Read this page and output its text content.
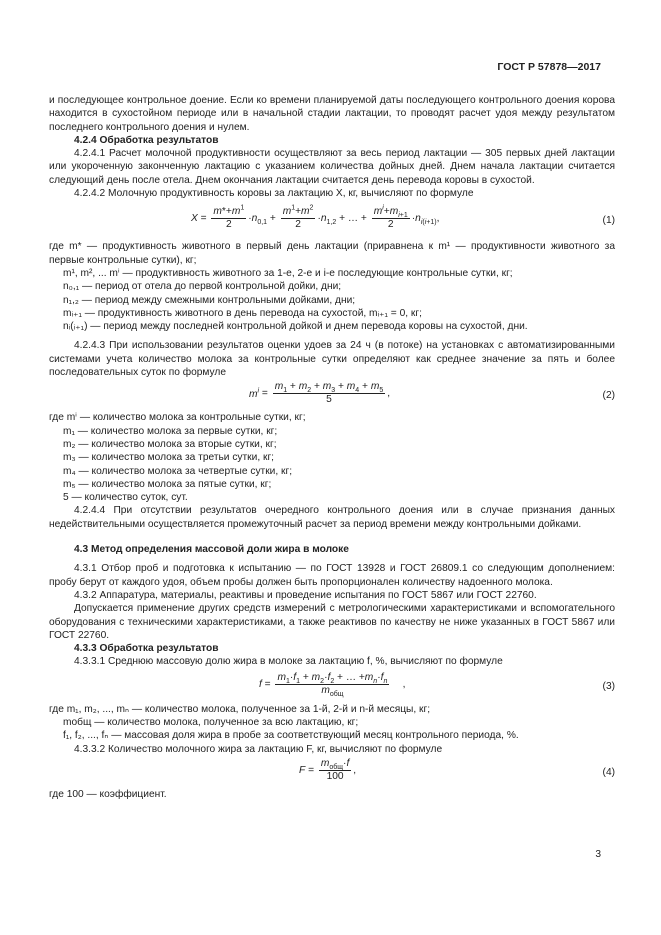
ГОСТ Р 57878—2017

и последующее контрольное доение. Если ко времени планируемой даты последующего контрольного доения корова находится в сухостойном периоде или в начальной стадии лактации, то проводят расчет удоя между результатом последнего контрольного доения и нулем.

4.2.4 Обработка результатов

4.2.4.1 Расчет молочной продуктивности осуществляют за весь период лактации — 305 первых дней лактации или укороченную законченную лактацию с указанием количества дойных дней. Днем начала лактации считается следующий день после отела. Днем окончания лактации считается день перевода коровы в сухостой.

4.2.4.2 Молочную продуктивность коровы за лактацию X, кг, вычисляют по формуле

$X = \frac{m*+m^1}{2} \cdot n_{0,1} + \frac{m^1+m^2}{2} \cdot n_{1,2}$ + … + $\frac{m^i+m_{i+1}}{2} \cdot n_{i(i+1)}$,	(1)

где m* — продуктивность животного в первый день лактации (приравнена к m¹ — продуктивности животного за первые контрольные сутки), кг;

m¹, m², ... mⁱ — продуктивность животного за 1-е, 2-е и i-е последующие контрольные сутки, кг;

n₀,₁ — период от отела до первой контрольной дойки, дни;

n₁,₂ — период между смежными контрольными дойками, дни;

mᵢ₊₁ — продуктивность животного в день перевода на сухостой, mᵢ₊₁ = 0, кг;

nᵢ(ᵢ₊₁) — период между последней контрольной дойкой и днем перевода коровы на сухостой, дни.

4.2.4.3 При использовании результатов оценки удоев за 24 ч (в потоке) на установках с автоматизированными системами учета количество молока за контрольные сутки определяют как среднее значение за пять и более последовательных суток по формуле

$m^i = \frac{m_1 + m_2 + m_3 + m_4 + m_5}{5}$ ,	(2)

где mⁱ — количество молока за контрольные сутки, кг;

m₁ — количество молока за первые сутки, кг;

m₂ — количество молока за вторые сутки, кг;

m₃ — количество молока за третьи сутки, кг;

m₄ — количество молока за четвертые сутки, кг;

m₅ — количество молока за пятые сутки, кг;

5 — количество суток, сут.

4.2.4.4 При отсутствии результатов очередного контрольного доения или в случае признания данных недействительными осуществляется промежуточный расчет за период времени между контрольными дойками.

4.3 Метод определения массовой доли жира в молоке

4.3.1 Отбор проб и подготовка к испытанию — по ГОСТ 13928 и ГОСТ 26809.1 со следующим дополнением: пробу берут от каждого удоя, объем пробы должен быть пропорционален количеству надоенного молока.

4.3.2 Аппаратура, материалы, реактивы и проведение испытания по ГОСТ 5867 или ГОСТ 22760.

Допускается применение других средств измерений с метрологическими характеристиками и вспомогательного оборудования с техническими характеристиками, а также реактивов по качеству не ниже указанных в ГОСТ 5867 или ГОСТ 22760.

4.3.3 Обработка результатов

4.3.3.1 Среднюю массовую долю жира в молоке за лактацию f, %, вычисляют по формуле

$f = \frac{m_1\cdot f_1 + m_2\cdot f_2 + \dots +m_n\cdot f_n}{m_{общ}}$ ,	(3)

где m₁, m₂, ..., mₙ — количество молока, полученное за 1-й, 2-й и n-й месяцы, кг;

mобщ — количество молока, полученное за всю лактацию, кг;

f₁, f₂, ..., fₙ — массовая доля жира в пробе за соответствующий месяц контрольного периода, %.

4.3.3.2 Количество молочного жира за лактацию F, кг, вычисляют по формуле

$F = \frac{m_{общ}\cdot f}{100}$ ,	(4)

где 100 — коэффициент.

3
